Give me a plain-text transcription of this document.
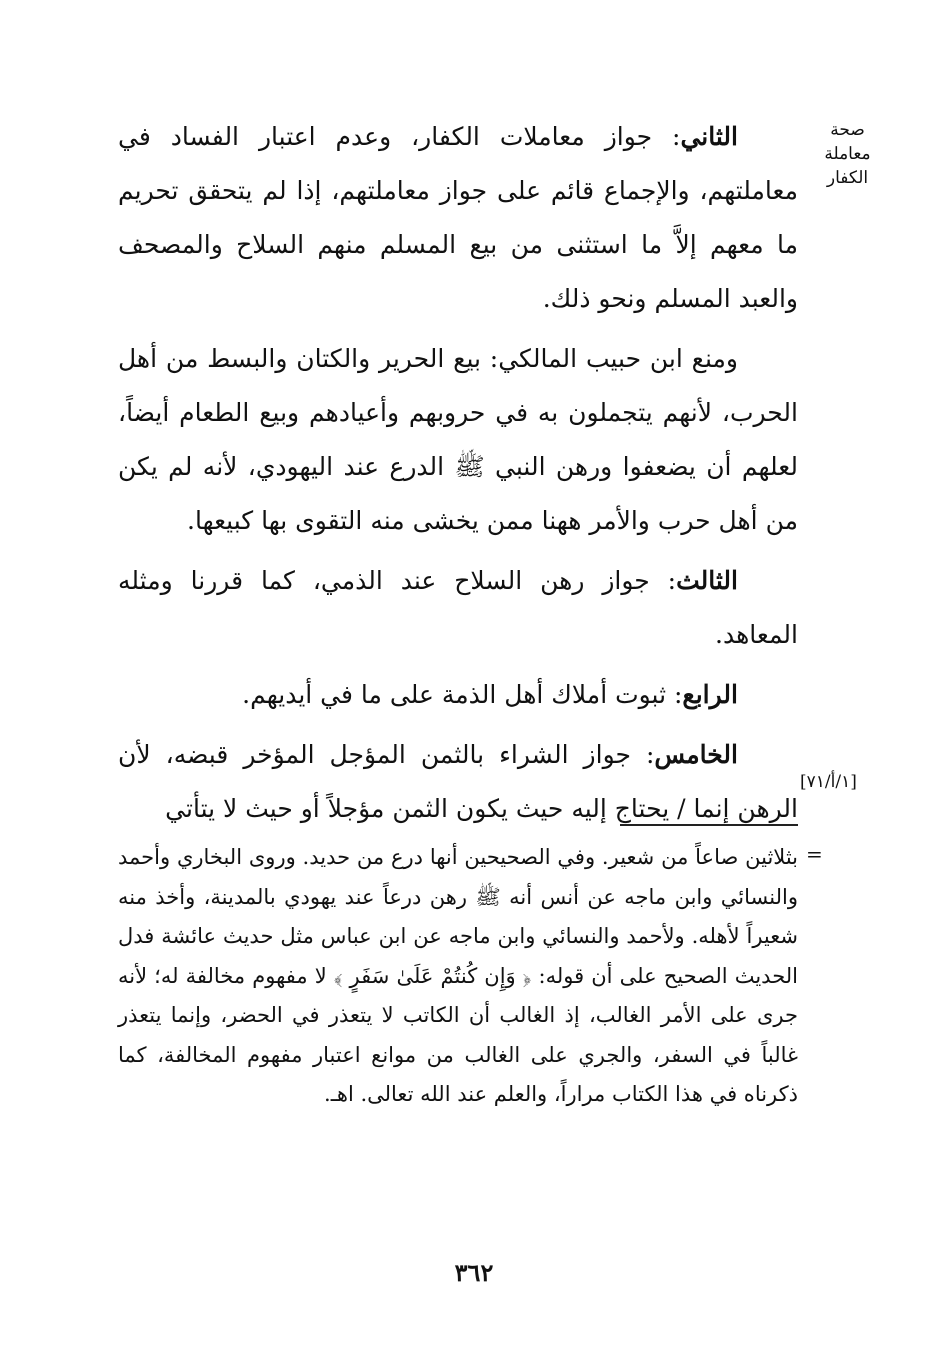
صحة معاملة
الكفار

الثاني: جواز معاملات الكفار، وعدم اعتبار الفساد في معاملتهم، والإجماع قائم على جواز معاملتهم، إذا لم يتحقق تحريم ما معهم إلاَّ ما استثنى من بيع المسلم منهم السلاح والمصحف والعبد المسلم ونحو ذلك.

ومنع ابن حبيب المالكي: بيع الحرير والكتان والبسط من أهل الحرب، لأنهم يتجملون به في حروبهم وأعيادهم وبيع الطعام أيضاً، لعلهم أن يضعفوا ورهن النبي ﷺ الدرع عند اليهودي، لأنه لم يكن من أهل حرب والأمر ههنا ممن يخشى منه التقوى بها كبيعها.

الثالث: جواز رهن السلاح عند الذمي، كما قررنا ومثله المعاهد.

الرابع: ثبوت أملاك أهل الذمة على ما في أيديهم.

الخامس: جواز الشراء بالثمن المؤجل المؤخر قبضه، لأن الرهن إنما / يحتاج إليه حيث يكون الثمن مؤجلاً أو حيث لا يتأتي

[١/أ/٧١]
=

بثلاثين صاعاً من شعير. وفي الصحيحين أنها درع من حديد. وروى البخاري وأحمد والنسائي وابن ماجه عن أنس أنه ﷺ رهن درعاً عند يهودي بالمدينة، وأخذ منه شعيراً لأهله. ولأحمد والنسائي وابن ماجه عن ابن عباس مثل حديث عائشة فدل الحديث الصحيح على أن قوله: ﴿ وَإِن كُنتُمْ عَلَىٰ سَفَرٍ ﴾ لا مفهوم مخالفة له؛ لأنه جرى على الأمر الغالب، إذ الغالب أن الكاتب لا يتعذر في الحضر، وإنما يتعذر غالباً في السفر، والجري على الغالب من موانع اعتبار مفهوم المخالفة، كما ذكرناه في هذا الكتاب مراراً، والعلم عند الله تعالى. اهـ.

٣٦٢
